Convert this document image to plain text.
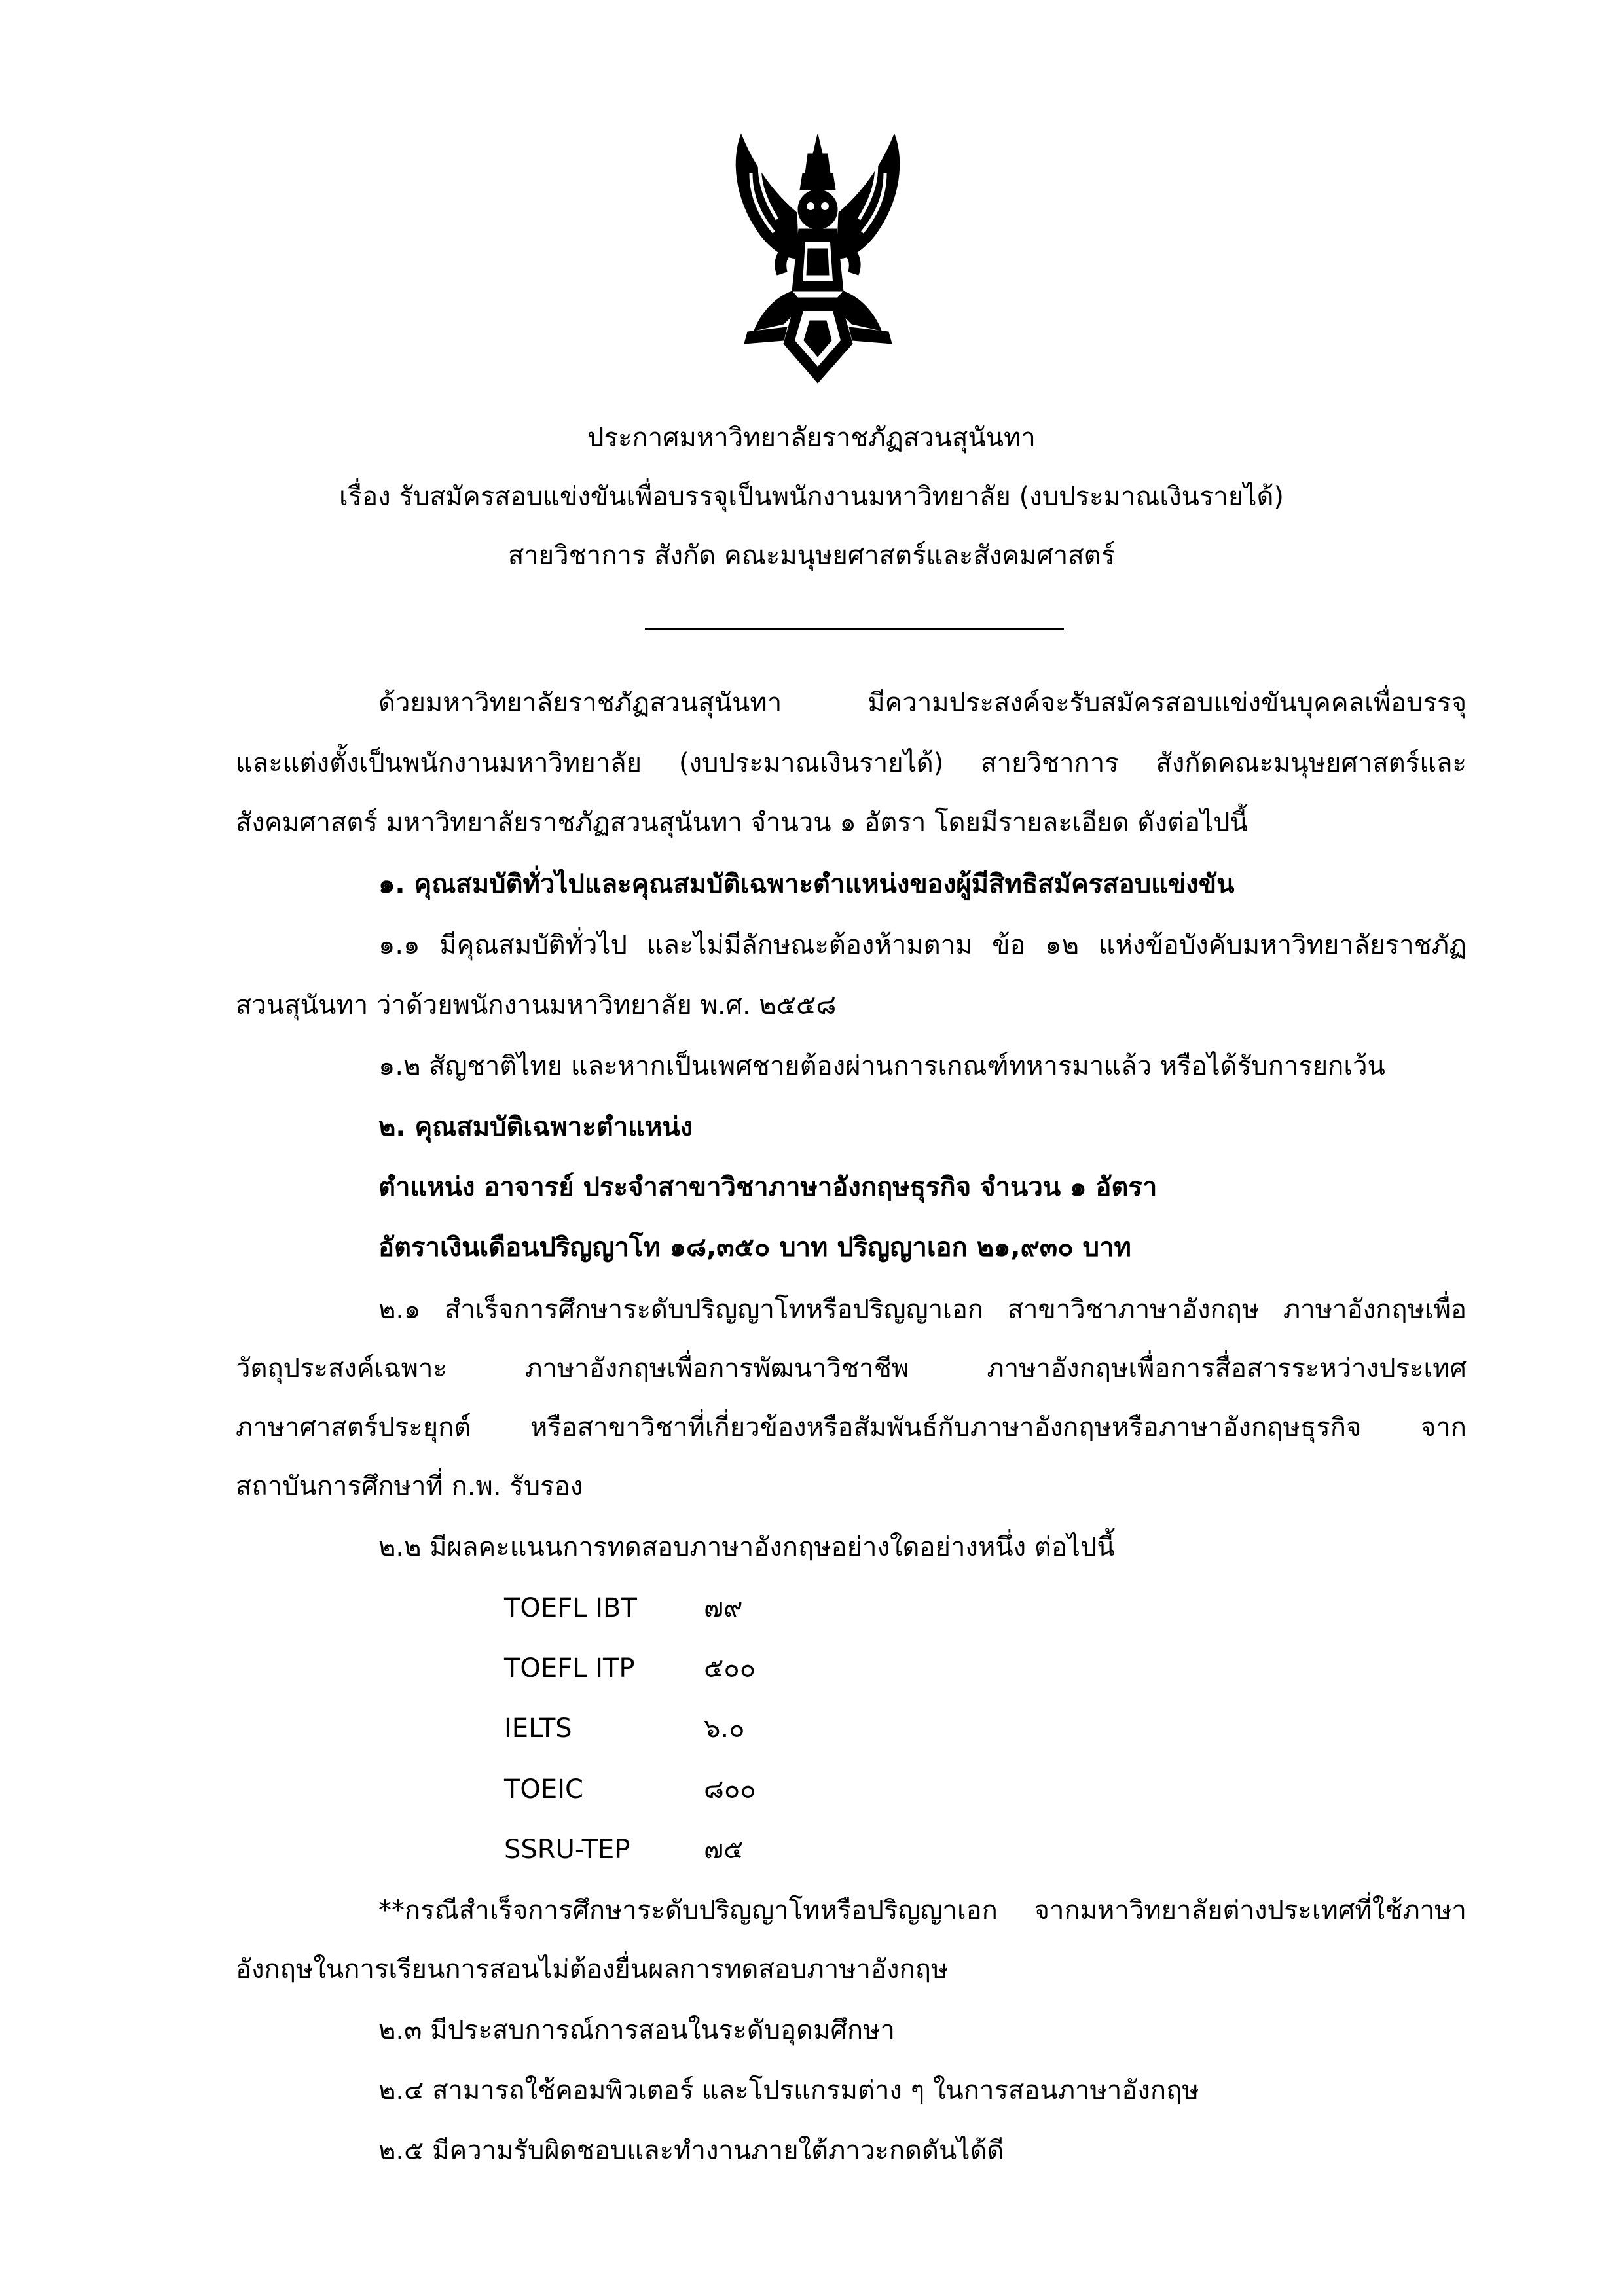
ประกาศมหาวิทยาลัยราชภัฏสวนสุนันทา
เรื่อง รับสมัครสอบแข่งขันเพื่อบรรจุเป็นพนักงานมหาวิทยาลัย (งบประมาณเงินรายได้)
สายวิชาการ สังกัด คณะมนุษยศาสตร์และสังคมศาสตร์
ด้วยมหาวิทยาลัยราชภัฏสวนสุนันทา มีความประสงค์จะรับสมัครสอบแข่งขันบุคคลเพื่อบรรจุ
และแต่งตั้งเป็นพนักงานมหาวิทยาลัย (งบประมาณเงินรายได้) สายวิชาการ สังกัดคณะมนุษยศาสตร์และ
สังคมศาสตร์ มหาวิทยาลัยราชภัฏสวนสุนันทา จำนวน ๑ อัตรา โดยมีรายละเอียด ดังต่อไปนี้
๑. คุณสมบัติทั่วไปและคุณสมบัติเฉพาะตำแหน่งของผู้มีสิทธิสมัครสอบแข่งขัน
๑.๑ มีคุณสมบัติทั่วไป และไม่มีลักษณะต้องห้ามตาม ข้อ ๑๒ แห่งข้อบังคับมหาวิทยาลัยราชภัฏ
สวนสุนันทา ว่าด้วยพนักงานมหาวิทยาลัย พ.ศ. ๒๕๕๘
๑.๒ สัญชาติไทย และหากเป็นเพศชายต้องผ่านการเกณฑ์ทหารมาแล้ว หรือได้รับการยกเว้น
๒. คุณสมบัติเฉพาะตำแหน่ง
ตำแหน่ง อาจารย์ ประจำสาขาวิชาภาษาอังกฤษธุรกิจ จำนวน ๑ อัตรา
อัตราเงินเดือนปริญญาโท ๑๘,๓๕๐ บาท ปริญญาเอก ๒๑,๙๓๐ บาท
๒.๑ สำเร็จการศึกษาระดับปริญญาโทหรือปริญญาเอก สาขาวิชาภาษาอังกฤษ ภาษาอังกฤษเพื่อ
วัตถุประสงค์เฉพาะ ภาษาอังกฤษเพื่อการพัฒนาวิชาชีพ ภาษาอังกฤษเพื่อการสื่อสารระหว่างประเทศ
ภาษาศาสตร์ประยุกต์ หรือสาขาวิชาที่เกี่ยวข้องหรือสัมพันธ์กับภาษาอังกฤษหรือภาษาอังกฤษธุรกิจ จาก
สถาบันการศึกษาที่ ก.พ. รับรอง
๒.๒ มีผลคะแนนการทดสอบภาษาอังกฤษอย่างใดอย่างหนึ่ง ต่อไปนี้
TOEFL IBT	๗๙
TOEFL ITP	๕๐๐
IELTS	๖.๐
TOEIC	๘๐๐
SSRU-TEP	๗๕
**กรณีสำเร็จการศึกษาระดับปริญญาโทหรือปริญญาเอก จากมหาวิทยาลัยต่างประเทศที่ใช้ภาษา
อังกฤษในการเรียนการสอนไม่ต้องยื่นผลการทดสอบภาษาอังกฤษ
๒.๓ มีประสบการณ์การสอนในระดับอุดมศึกษา
๒.๔ สามารถใช้คอมพิวเตอร์ และโปรแกรมต่าง ๆ ในการสอนภาษาอังกฤษ
๒.๕ มีความรับผิดชอบและทำงานภายใต้ภาวะกดดันได้ดี
